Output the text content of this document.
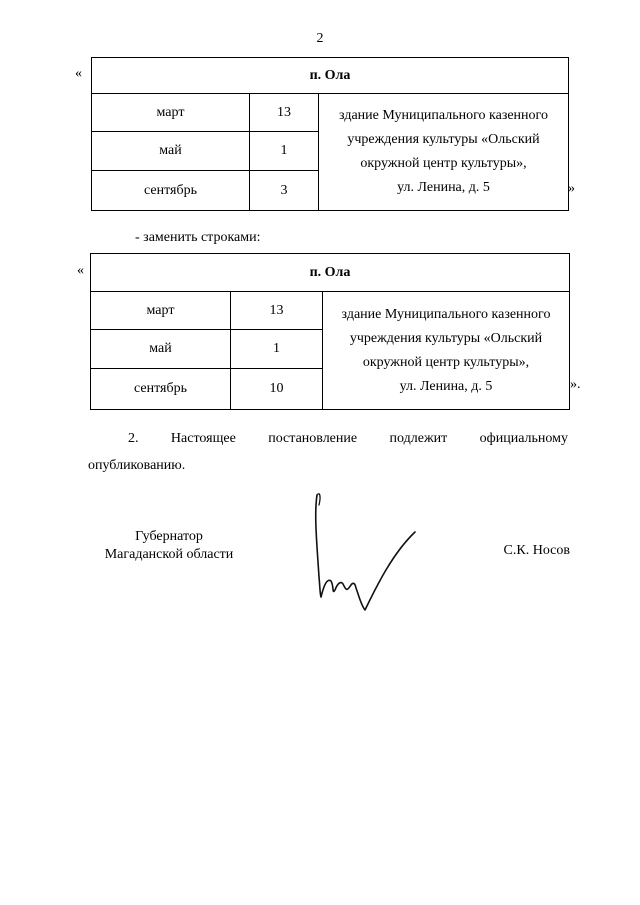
2
«	п. Ола		
март	13	здание Муниципального казенного
учреждения культуры «Ольский
окружной центр культуры»,
ул. Ленина, д. 5

май	1	
сентябрь	3		»
- заменить строками:
«	п. Ола		
март	13	здание Муниципального казенного
учреждения культуры «Ольский
окружной центр культуры»,
ул. Ленина, д. 5

май	1	
сентябрь	10		».
2. Настоящее постановление подлежит официальному
опубликованию.
Губернатор
Магаданской области	С.К. Носов
